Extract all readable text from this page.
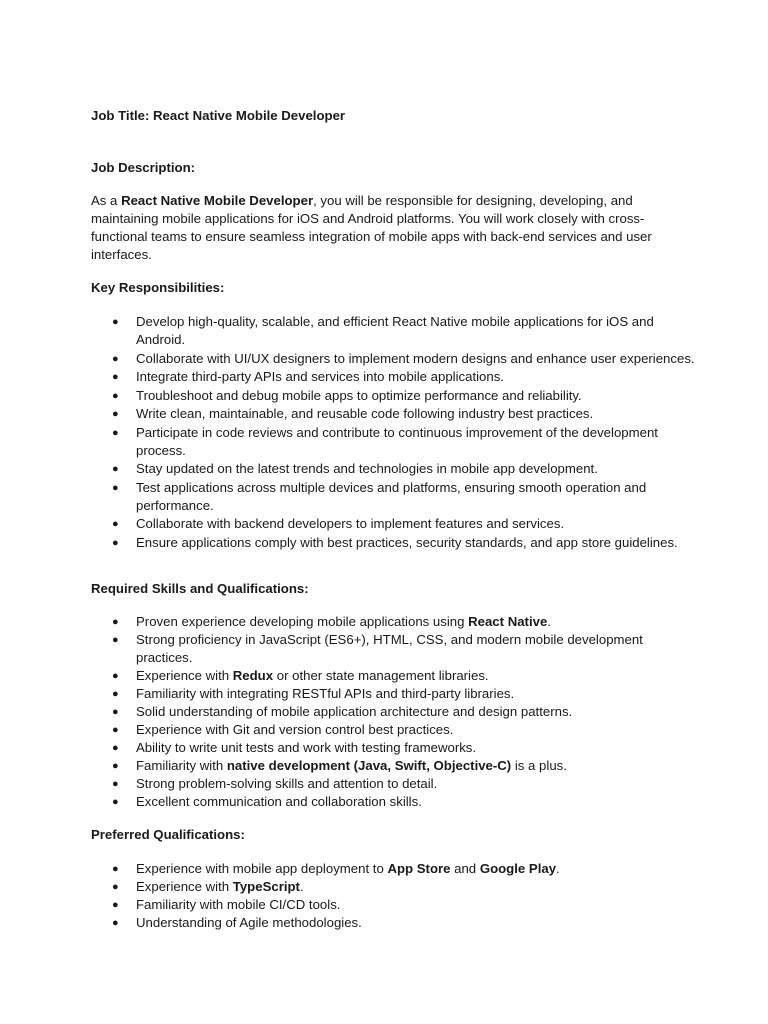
Job Title: React Native Mobile Developer
Job Description:
As a React Native Mobile Developer, you will be responsible for designing, developing, and maintaining mobile applications for iOS and Android platforms. You will work closely with cross-functional teams to ensure seamless integration of mobile apps with back-end services and user interfaces.
Key Responsibilities:
● Develop high-quality, scalable, and efficient React Native mobile applications for iOS and Android.
● Collaborate with UI/UX designers to implement modern designs and enhance user experiences.
● Integrate third-party APIs and services into mobile applications.
● Troubleshoot and debug mobile apps to optimize performance and reliability.
● Write clean, maintainable, and reusable code following industry best practices.
● Participate in code reviews and contribute to continuous improvement of the development process.
● Stay updated on the latest trends and technologies in mobile app development.
● Test applications across multiple devices and platforms, ensuring smooth operation and performance.
● Collaborate with backend developers to implement features and services.
● Ensure applications comply with best practices, security standards, and app store guidelines.
Required Skills and Qualifications:
● Proven experience developing mobile applications using React Native.
● Strong proficiency in JavaScript (ES6+), HTML, CSS, and modern mobile development practices.
● Experience with Redux or other state management libraries.
● Familiarity with integrating RESTful APIs and third-party libraries.
● Solid understanding of mobile application architecture and design patterns.
● Experience with Git and version control best practices.
● Ability to write unit tests and work with testing frameworks.
● Familiarity with native development (Java, Swift, Objective-C) is a plus.
● Strong problem-solving skills and attention to detail.
● Excellent communication and collaboration skills.
Preferred Qualifications:
● Experience with mobile app deployment to App Store and Google Play.
● Experience with TypeScript.
● Familiarity with mobile CI/CD tools.
● Understanding of Agile methodologies.
